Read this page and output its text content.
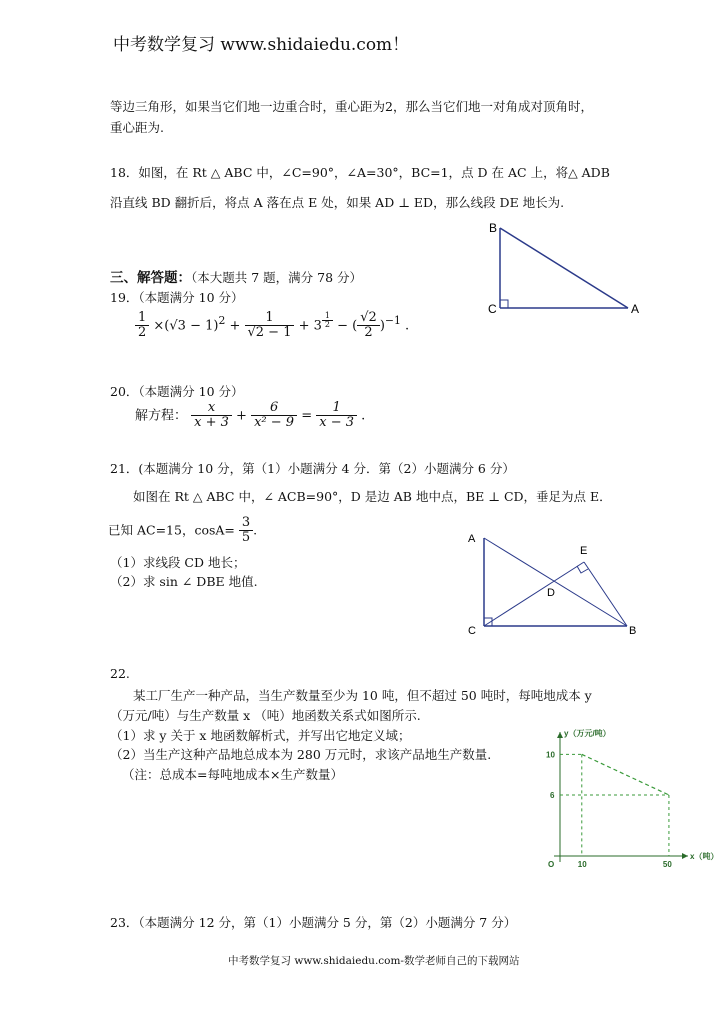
中考数学复习 www.shidaiedu.com！
等边三角形，如果当它们地一边重合时，重心距为2，那么当它们地一对角成对顶角时，
重心距为.
18．如图，在 Rt △ ABC 中，∠C=90°，∠A=30°，BC=1，点 D 在 AC 上，将△ ADB
沿直线 BD 翻折后，将点 A 落在点 E 处，如果 AD ⊥ ED，那么线段 DE 地长为.
B
C	A
三、解答题：（本大题共 7 题，满分 78 分）
19．（本题满分 10 分）
$\frac{1}{2} \times(√3 - 1)^2 + \frac{1}{√2 - 1} + 3$ $^{\frac{1}{2}}$ − ( $\frac{√2}{2} )^{-1}$ .
20．（本题满分 10 分）
解方程： $\frac{x}{x + 3} + \frac{6}{\text{x² − 9}} = \frac{1}{x - 3}$ .
21．(本题满分 10 分，第（1）小题满分 4 分．第（2）小题满分 6 分）
如图在 Rt △ ABC 中，∠ ACB=90°，D 是边 AB 地中点，BE ⊥ CD，垂足为点 E．
已知 AC=15，$\cos A= \frac{3}{5}$ .
（1）求线段 CD 地长；
（2）求 sin ∠ DBE 地值.
A
E
D
C	B
22.
某工厂生产一种产品，当生产数量至少为 10 吨，但不超过 50 吨时，每吨地成本 y
（万元/吨）与生产数量 x （吨）地函数关系式如图所示.
（1）求 y 关于 x 地函数解析式，并写出它地定义域；
（2）当生产这种产品地总成本为 280 万元时，求该产品地生产数量.
（注：总成本=每吨地成本×生产数量）
y（万元/吨）
x（吨）
O	10	50
10
6
23．（本题满分 12 分，第（1）小题满分 5 分，第（2）小题满分 7 分）
中考数学复习 www.shidaiedu.com-数学老师自己的下载网站
